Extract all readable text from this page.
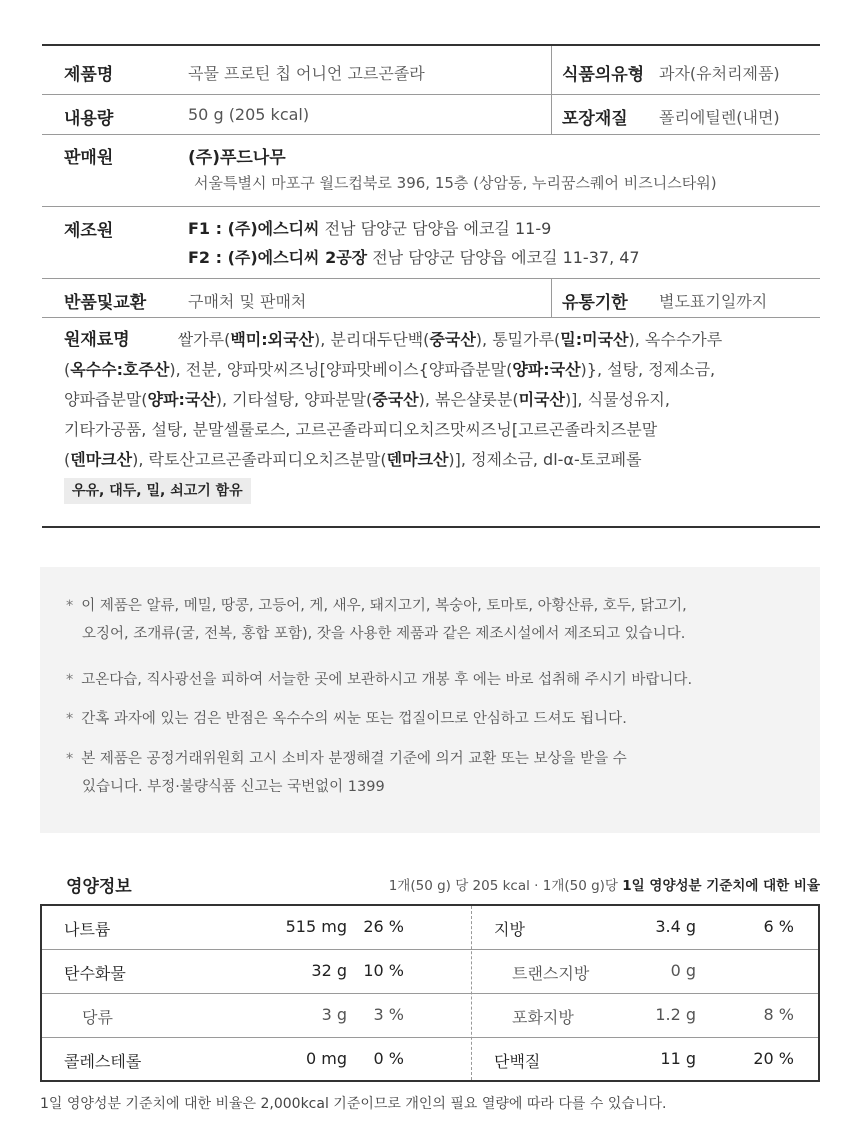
제품명	곡물 프로틴 칩 어니언 고르곤졸라	식품의유형 과자(유처리제품)
내용량	50 g (205 kcal)	포장재질 폴리에틸렌(내면)
판매원	(주)푸드나무
서울특별시 마포구 월드컵북로 396, 15층 (상암동, 누리꿈스퀘어 비즈니스타워)
제조원	F1 : (주)에스디씨 전남 담양군 담양읍 에코길 11-9
F2 : (주)에스디씨 2공장 전남 담양군 담양읍 에코길 11-37, 47
반품및교환	구매처 및 판매처	유통기한 별도표기일까지
원재료명	쌀가루(백미:외국산), 분리대두단백(중국산), 통밀가루(밀:미국산), 옥수수가루
(옥수수:호주산), 전분, 양파맛씨즈닝[양파맛베이스{양파즙분말(양파:국산)}, 설탕, 정제소금,
양파즙분말(양파:국산), 기타설탕, 양파분말(중국산), 볶은샬롯분(미국산)], 식물성유지,
기타가공품, 설탕, 분말셀룰로스, 고르곤졸라피디오치즈맛씨즈닝[고르곤졸라치즈분말
(덴마크산), 락토산고르곤졸라피디오치즈분말(덴마크산)], 정제소금, dl-α-토코페롤
우유, 대두, 밀, 쇠고기 함유
* 이 제품은 알류, 메밀, 땅콩, 고등어, 게, 새우, 돼지고기, 복숭아, 토마토, 아황산류, 호두, 닭고기,
오징어, 조개류(굴, 전복, 홍합 포함), 잣을 사용한 제품과 같은 제조시설에서 제조되고 있습니다.
* 고온다습, 직사광선을 피하여 서늘한 곳에 보관하시고 개봉 후 에는 바로 섭취해 주시기 바랍니다.
* 간혹 과자에 있는 검은 반점은 옥수수의 씨눈 또는 껍질이므로 안심하고 드셔도 됩니다.
* 본 제품은 공정거래위원회 고시 소비자 분쟁해결 기준에 의거 교환 또는 보상을 받을 수
있습니다. 부정·불량식품 신고는 국번없이 1399
영양정보	1개(50 g) 당 205 kcal · 1개(50 g)당 1일 영양성분 기준치에 대한 비율
나트륨	515 mg	26 %	지방	3.4 g	6 %
탄수화물	32 g	10 %	트랜스지방	0 g
당류	3 g	3 %	포화지방	1.2 g	8 %
콜레스테롤	0 mg	0 %	단백질	11 g	20 %
1일 영양성분 기준치에 대한 비율은 2,000kcal 기준이므로 개인의 필요 열량에 따라 다를 수 있습니다.
